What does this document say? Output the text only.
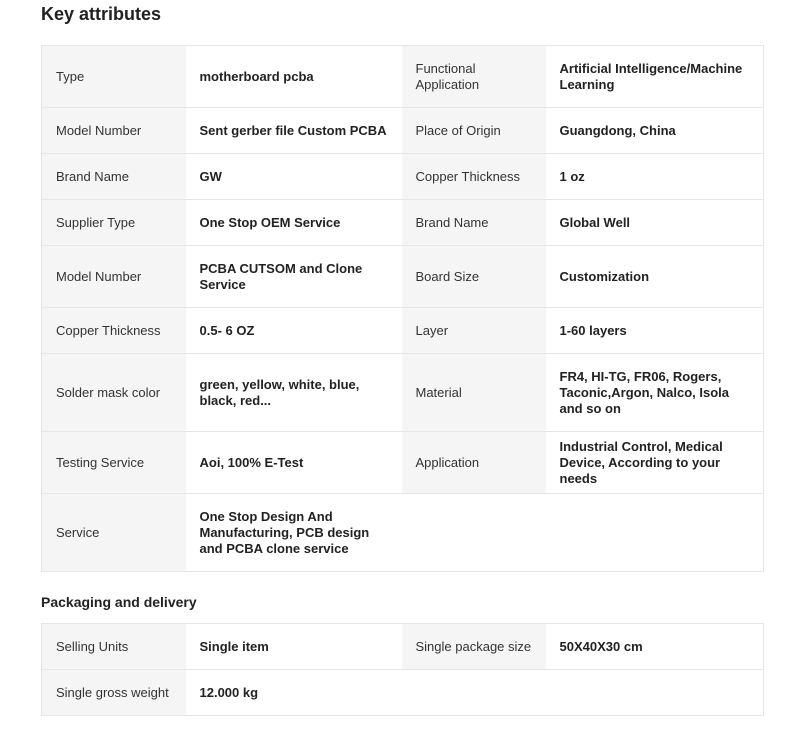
Key attributes
Type	motherboard pcba	Functional Application	Artificial Intelligence/Machine Learning
Model Number	Sent gerber file Custom PCBA	Place of Origin	Guangdong, China
Brand Name	GW	Copper Thickness	1 oz
Supplier Type	One Stop OEM Service	Brand Name	Global Well
Model Number	PCBA CUTSOM and Clone Service	Board Size	Customization
Copper Thickness	0.5- 6 OZ	Layer	1-60 layers
Solder mask color	green, yellow, white, blue, black, red...	Material	FR4, HI-TG, FR06, Rogers, Taconic,Argon, Nalco, Isola and so on
Testing Service	Aoi, 100% E-Test	Application	Industrial Control, Medical Device, According to your needs
Service	One Stop Design And Manufacturing, PCB design and PCBA clone service		
Packaging and delivery
Selling Units	Single item	Single package size	50X40X30 cm
Single gross weight	12.000 kg		
